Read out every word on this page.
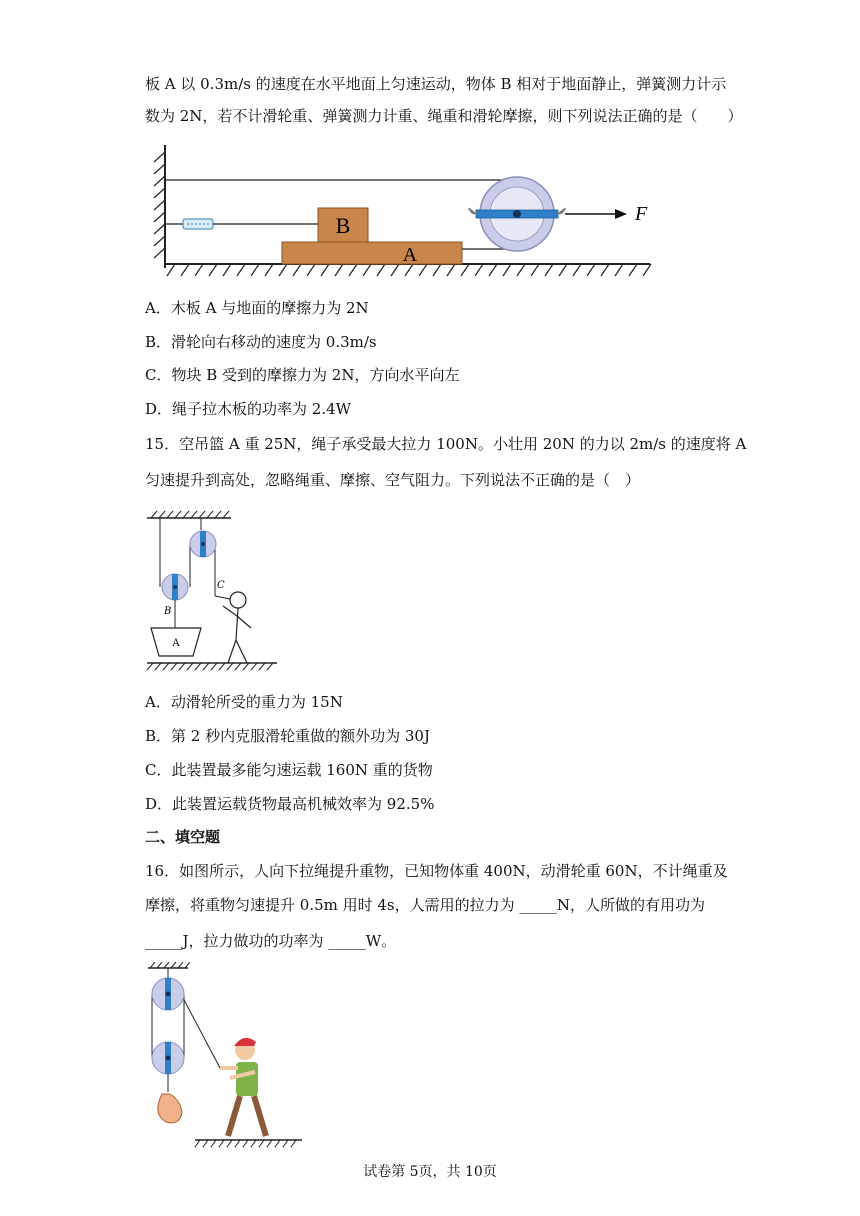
板 A 以 0.3m/s 的速度在水平地面上匀速运动，物体 B 相对于地面静止，弹簧测力计示
数为 2N，若不计滑轮重、弹簧测力计重、绳重和滑轮摩擦，则下列说法正确的是（　　）
B
A
F
A．木板 A 与地面的摩擦力为 2N
B．滑轮向右移动的速度为 0.3m/s
C．物块 B 受到的摩擦力为 2N，方向水平向左
D．绳子拉木板的功率为 2.4W
15．空吊篮 A 重 25N，绳子承受最大拉力 100N。小壮用 20N 的力以 2m/s 的速度将 A
匀速提升到高处，忽略绳重、摩擦、空气阻力。下列说法不正确的是（　）
B
C
A
A．动滑轮所受的重力为 15N
B．第 2 秒内克服滑轮重做的额外功为 30J
C．此装置最多能匀速运载 160N 重的货物
D．此装置运载货物最高机械效率为 92.5%
二、填空题
16．如图所示，人向下拉绳提升重物，已知物体重 400N，动滑轮重 60N，不计绳重及
摩擦，将重物匀速提升 0.5m 用时 4s，人需用的拉力为 _____N，人所做的有用功为
_____J，拉力做功的功率为 _____W。
试卷第 5页，共 10页
